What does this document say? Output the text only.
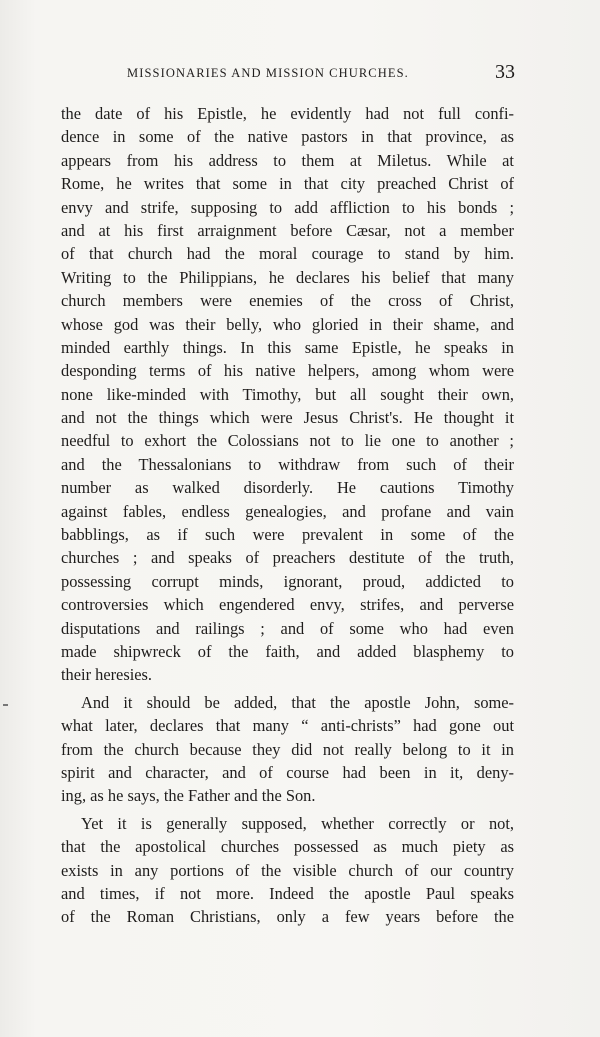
MISSIONARIES AND MISSION CHURCHES.	33
the date of his Epistle, he evidently had not full confi-
dence in some of the native pastors in that province, as
appears from his address to them at Miletus. While at
Rome, he writes that some in that city preached Christ of
envy and strife, supposing to add affliction to his bonds ;
and at his first arraignment before Cæsar, not a member
of that church had the moral courage to stand by him.
Writing to the Philippians, he declares his belief that many
church members were enemies of the cross of Christ,
whose god was their belly, who gloried in their shame, and
minded earthly things. In this same Epistle, he speaks in
desponding terms of his native helpers, among whom were
none like-minded with Timothy, but all sought their own,
and not the things which were Jesus Christ's. He thought it
needful to exhort the Colossians not to lie one to another ;
and the Thessalonians to withdraw from such of their
number as walked disorderly. He cautions Timothy
against fables, endless genealogies, and profane and vain
babblings, as if such were prevalent in some of the
churches ; and speaks of preachers destitute of the truth,
possessing corrupt minds, ignorant, proud, addicted to
controversies which engendered envy, strifes, and perverse
disputations and railings ; and of some who had even
made shipwreck of the faith, and added blasphemy to
their heresies.
And it should be added, that the apostle John, some-
what later, declares that many “ anti-christs” had gone out
from the church because they did not really belong to it in
spirit and character, and of course had been in it, deny-
ing, as he says, the Father and the Son.
Yet it is generally supposed, whether correctly or not,
that the apostolical churches possessed as much piety as
exists in any portions of the visible church of our country
and times, if not more. Indeed the apostle Paul speaks
of the Roman Christians, only a few years before the
